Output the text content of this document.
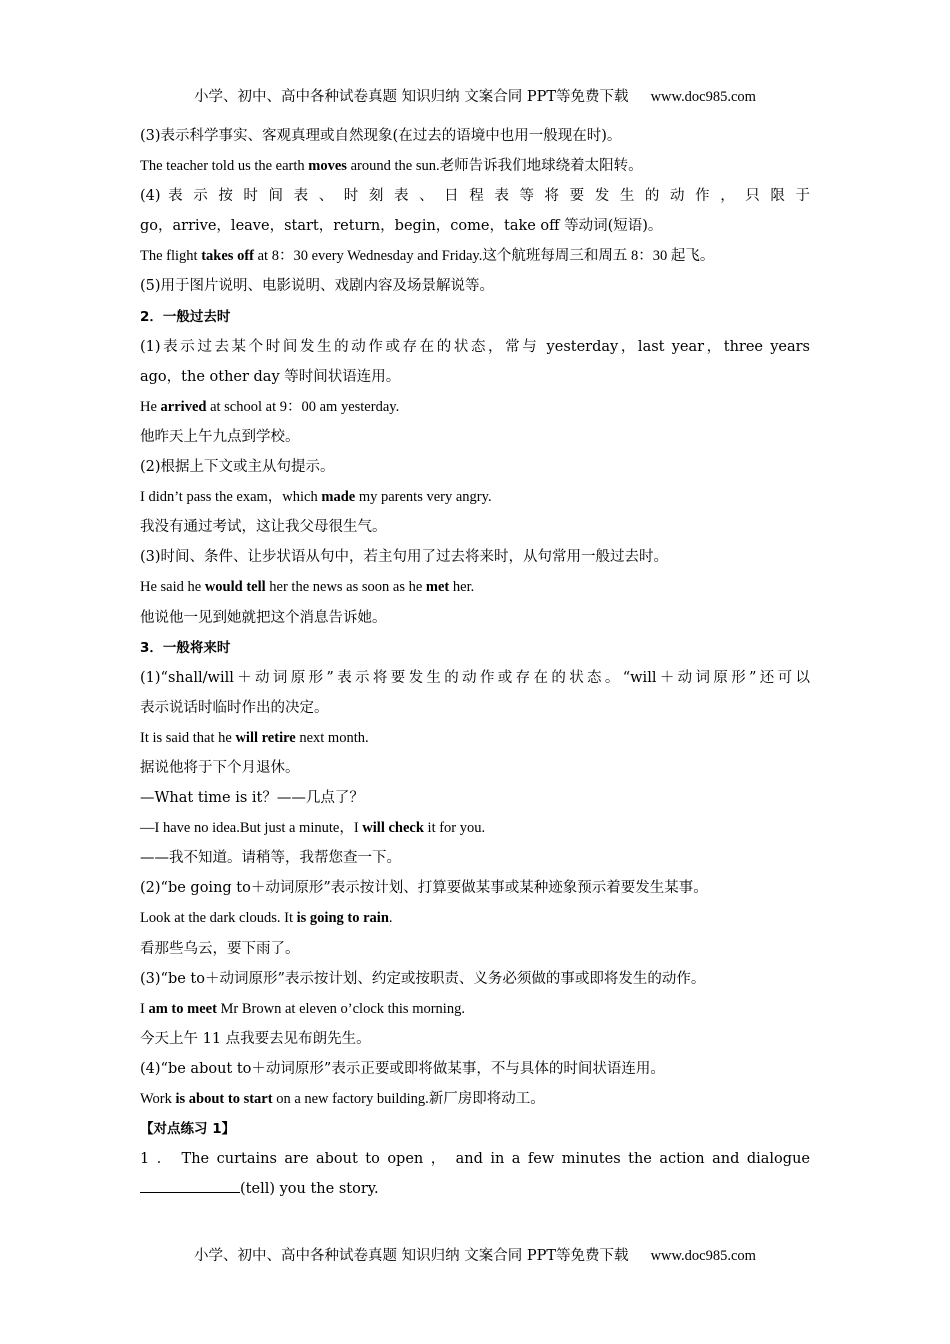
小学、初中、高中各种试卷真题 知识归纳 文案合同 PPT等免费下载 www.doc985.com
(3)表示科学事实、客观真理或自然现象(在过去的语境中也用一般现在时)。
The teacher told us the earth moves around the sun.老师告诉我们地球绕着太阳转。
(4) 表 示 按 时 间 表 、 时 刻 表 、 日 程 表 等 将 要 发 生 的 动 作 ， 只 限 于
go，arrive，leave，start，return，begin，come，take off 等动词(短语)。
The flight takes off at 8：30 every Wednesday and Friday.这个航班每周三和周五 8：30 起飞。
(5)用于图片说明、电影说明、戏剧内容及场景解说等。
2．一般过去时
(1)表示过去某个时间发生的动作或存在的状态，常与 yesterday，last year，three years
ago，the other day 等时间状语连用。
He arrived at school at 9：00 am yesterday.
他昨天上午九点到学校。
(2)根据上下文或主从句提示。
I didn’t pass the exam，which made my parents very angry.
我没有通过考试，这让我父母很生气。
(3)时间、条件、让步状语从句中，若主句用了过去将来时，从句常用一般过去时。
He said he would tell her the news as soon as he met her.
他说他一见到她就把这个消息告诉她。
3．一般将来时
(1)“shall/will＋动词原形”表示将要发生的动作或存在的状态。“will＋动词原形”还可以
表示说话时临时作出的决定。
It is said that he will retire next month.
据说他将于下个月退休。
—What time is it？——几点了？
—I have no idea.But just a minute，I will check it for you.
——我不知道。请稍等，我帮您查一下。
(2)“be going to＋动词原形”表示按计划、打算要做某事或某种迹象预示着要发生某事。
Look at the dark clouds. It is going to rain.
看那些乌云，要下雨了。
(3)“be to＋动词原形”表示按计划、约定或按职责、义务必须做的事或即将发生的动作。
I am to meet Mr Brown at eleven o’clock this morning.
今天上午 11 点我要去见布朗先生。
(4)“be about to＋动词原形”表示正要或即将做某事，不与具体的时间状语连用。
Work is about to start on a new factory building.新厂房即将动工。
【对点练习 1】
1 ． The curtains are about to open ， and in a few minutes the action and dialogue
(tell) you the story.
小学、初中、高中各种试卷真题 知识归纳 文案合同 PPT等免费下载 www.doc985.com
